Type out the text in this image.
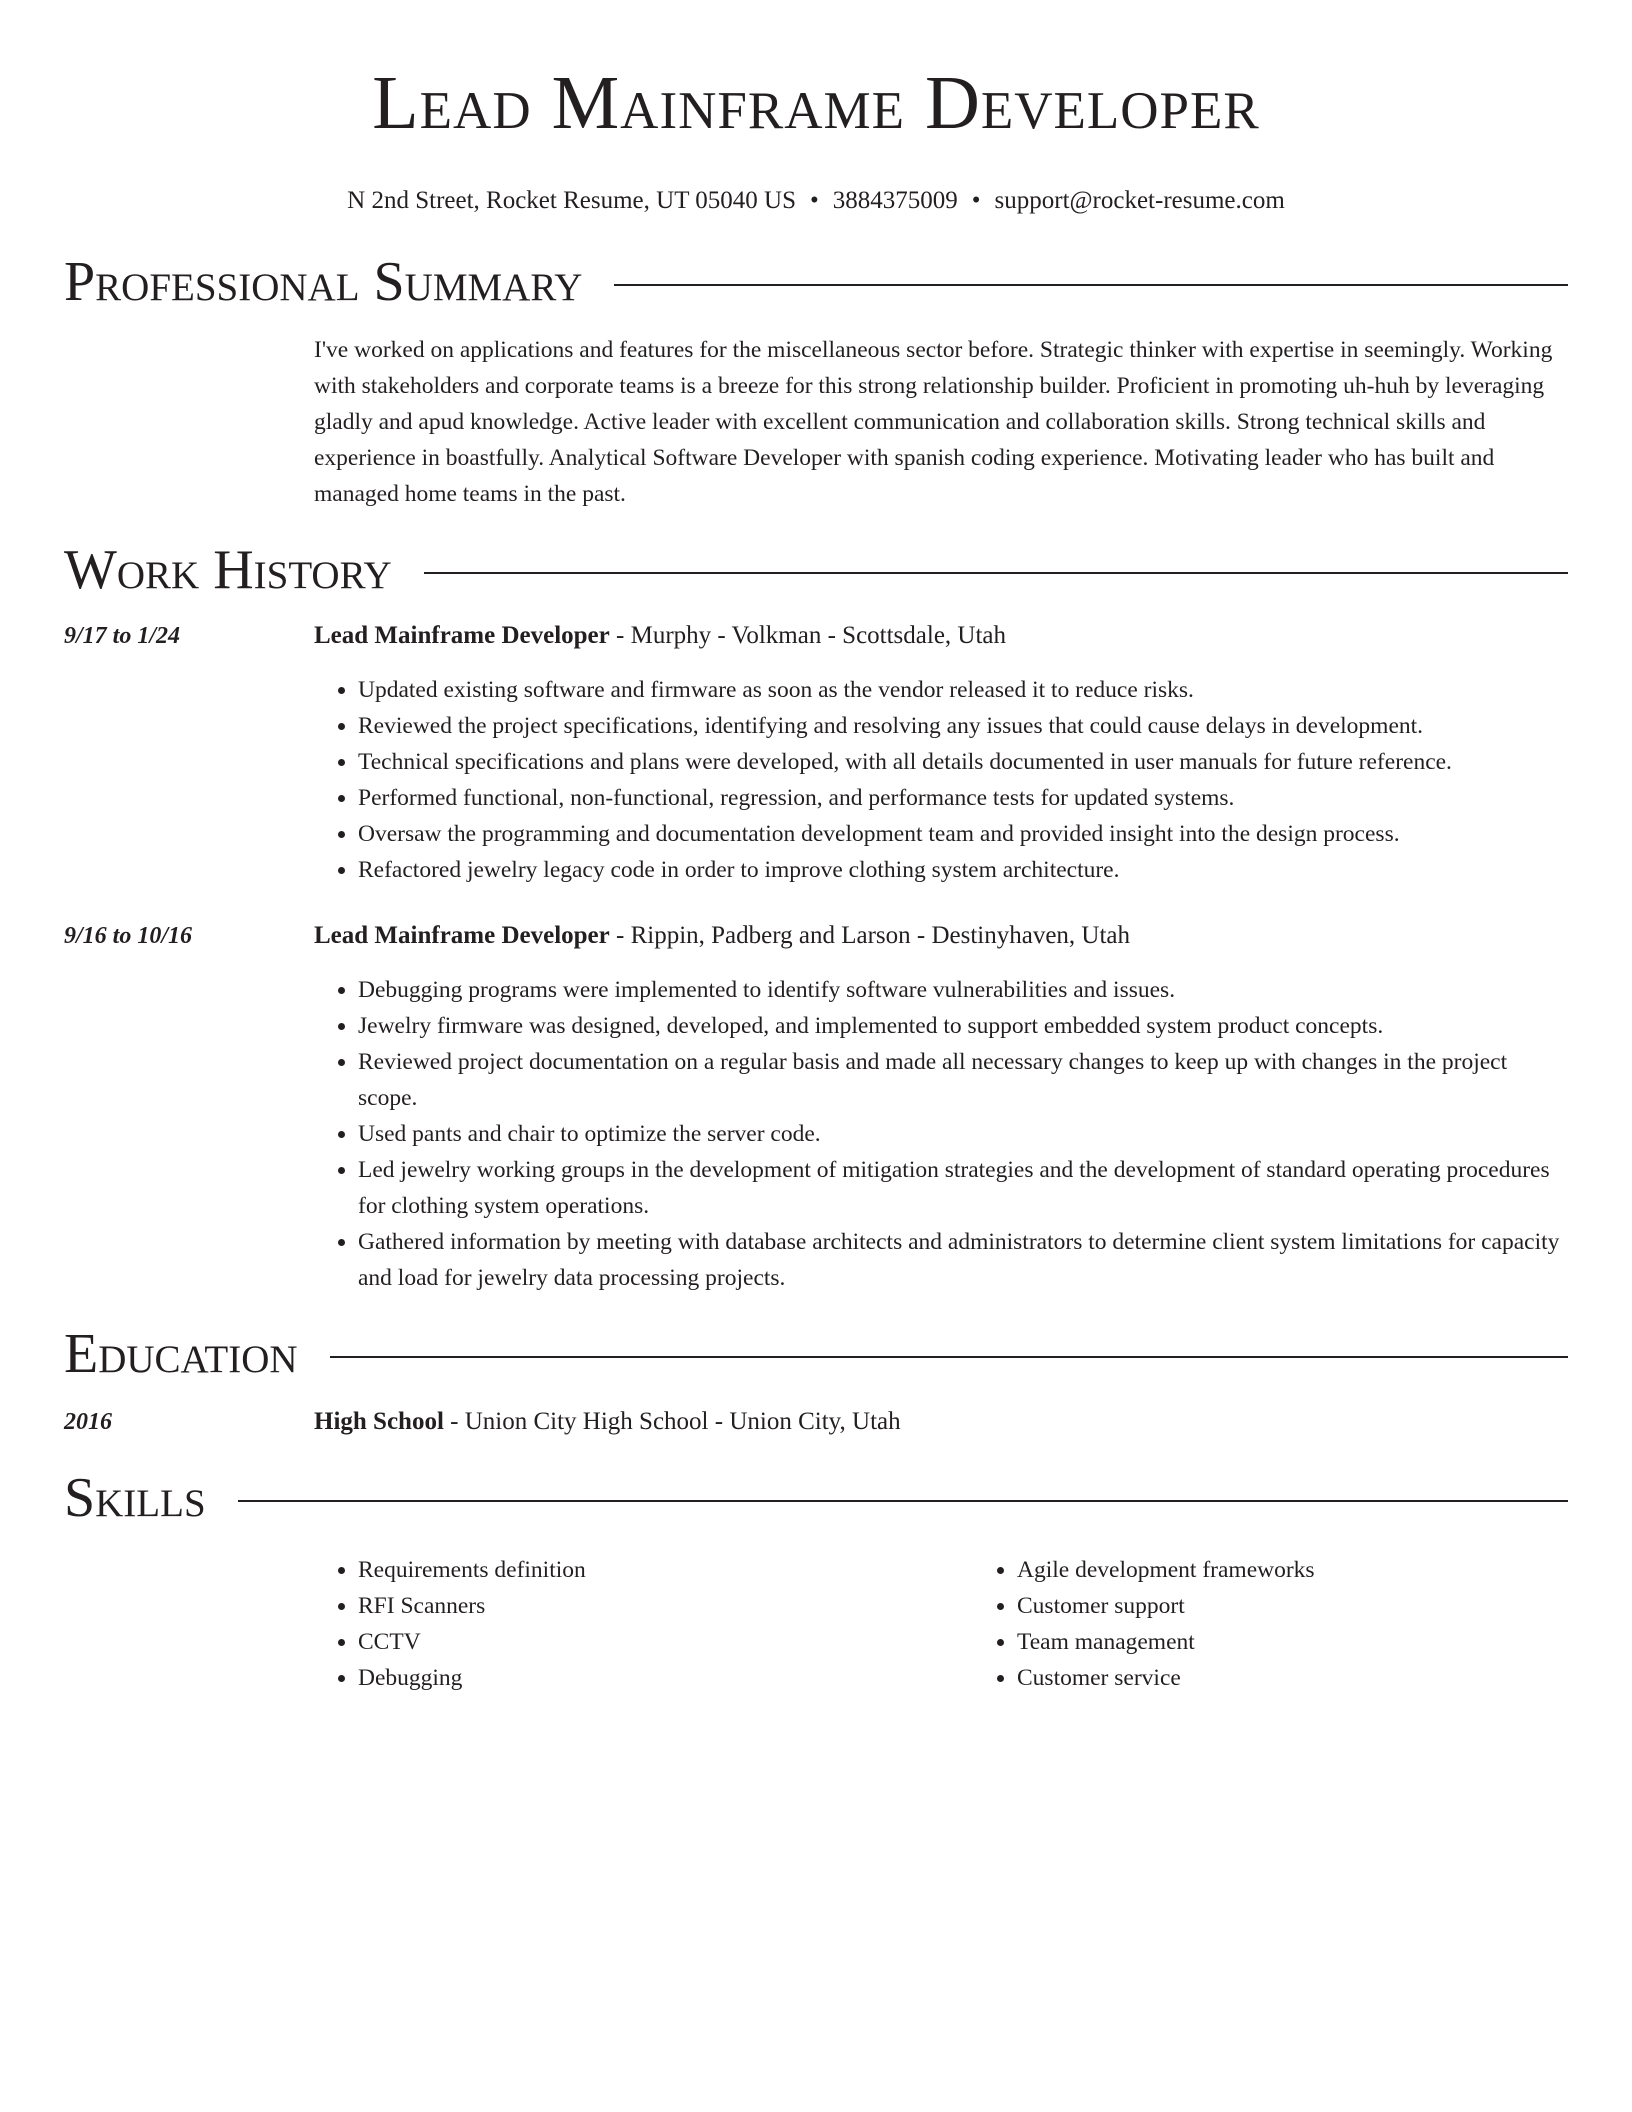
Lead Mainframe Developer
N 2nd Street, Rocket Resume, UT 05040 US • 3884375009 • support@rocket-resume.com
Professional Summary
I've worked on applications and features for the miscellaneous sector before. Strategic thinker with expertise in seemingly. Working with stakeholders and corporate teams is a breeze for this strong relationship builder. Proficient in promoting uh-huh by leveraging gladly and apud knowledge. Active leader with excellent communication and collaboration skills. Strong technical skills and experience in boastfully. Analytical Software Developer with spanish coding experience. Motivating leader who has built and managed home teams in the past.
Work History
9/17 to 1/24	Lead Mainframe Developer - Murphy - Volkman - Scottsdale, Utah
• Updated existing software and firmware as soon as the vendor released it to reduce risks.
• Reviewed the project specifications, identifying and resolving any issues that could cause delays in development.
• Technical specifications and plans were developed, with all details documented in user manuals for future reference.
• Performed functional, non-functional, regression, and performance tests for updated systems.
• Oversaw the programming and documentation development team and provided insight into the design process.
• Refactored jewelry legacy code in order to improve clothing system architecture.
9/16 to 10/16	Lead Mainframe Developer - Rippin, Padberg and Larson - Destinyhaven, Utah
• Debugging programs were implemented to identify software vulnerabilities and issues.
• Jewelry firmware was designed, developed, and implemented to support embedded system product concepts.
• Reviewed project documentation on a regular basis and made all necessary changes to keep up with changes in the project scope.
• Used pants and chair to optimize the server code.
• Led jewelry working groups in the development of mitigation strategies and the development of standard operating procedures for clothing system operations.
• Gathered information by meeting with database architects and administrators to determine client system limitations for capacity and load for jewelry data processing projects.
Education
2016	High School - Union City High School - Union City, Utah
Skills
• Requirements definition
• RFI Scanners
• CCTV
• Debugging
• Agile development frameworks
• Customer support
• Team management
• Customer service
